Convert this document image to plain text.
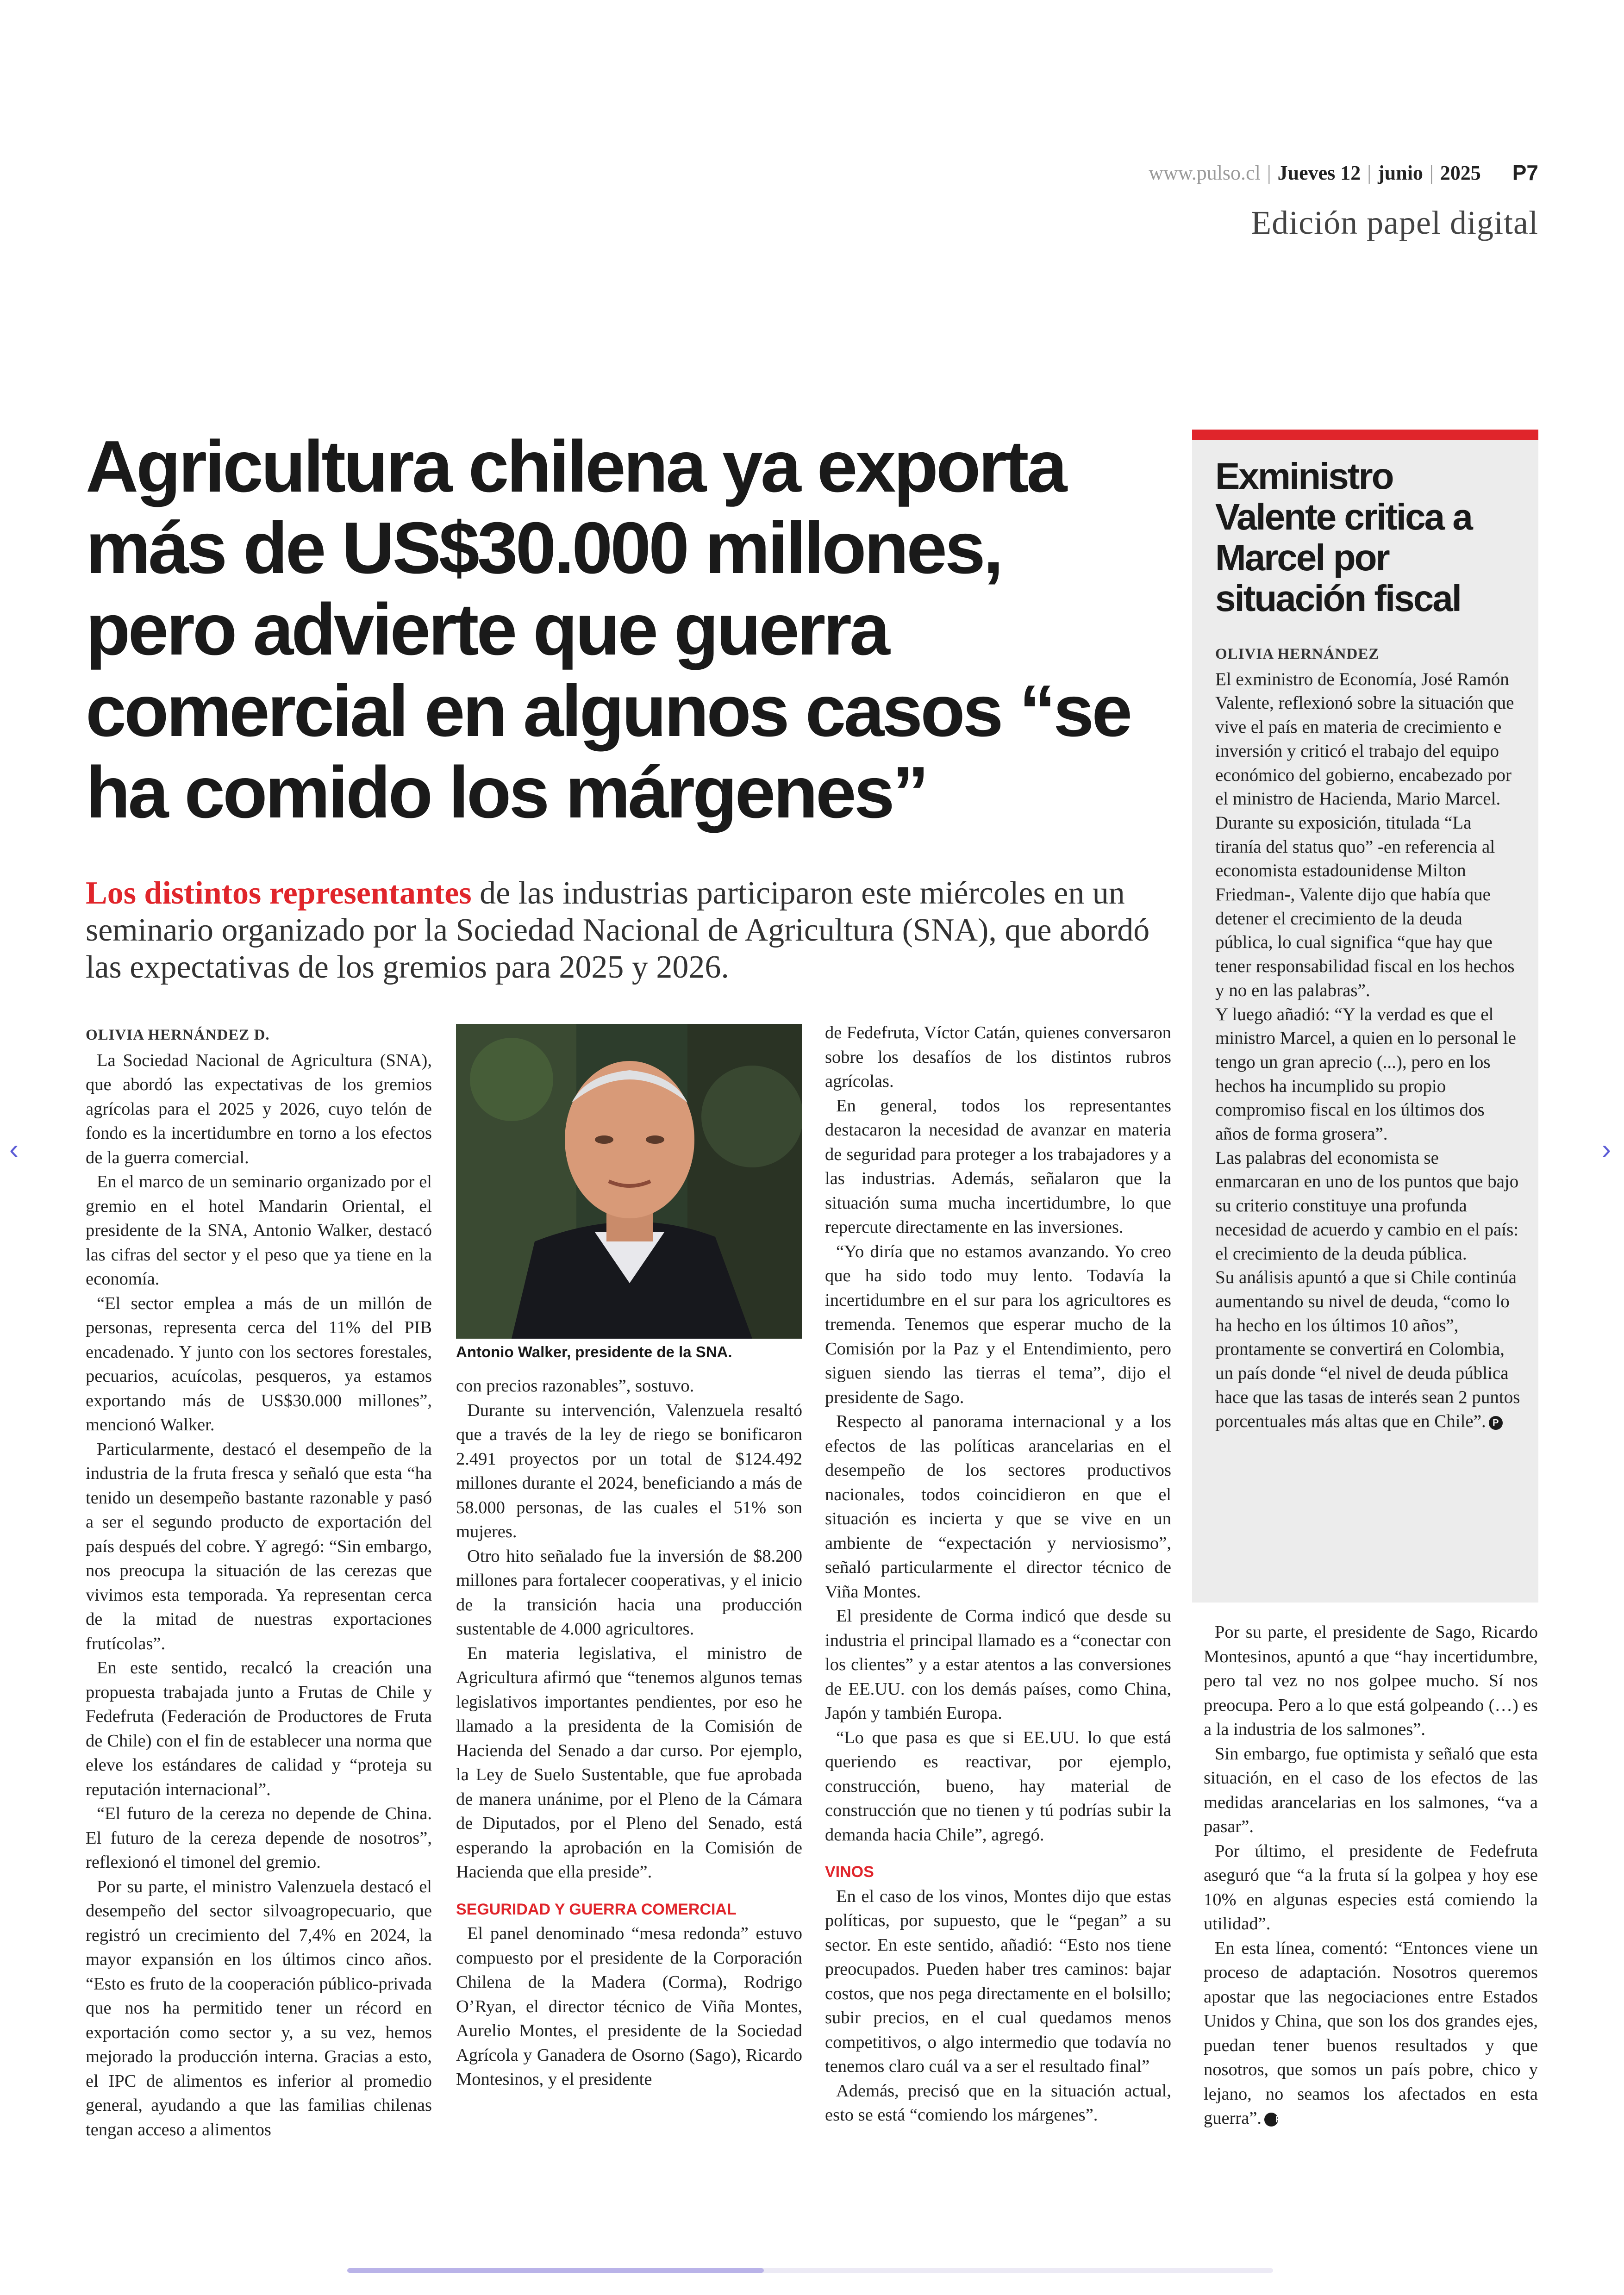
www.pulso.cl | Jueves 12 | junio | 2025 P7
Edición papel digital
Agricultura chilena ya exporta más de US$30.000 millones, pero advierte que guerra comercial en algunos casos “se ha comido los márgenes”
Los distintos representantes de las industrias participaron este miércoles en un seminario organizado por la Sociedad Nacional de Agricultura (SNA), que abordó las expectativas de los gremios para 2025 y 2026.

OLIVIA HERNÁNDEZ D.

La Sociedad Nacional de Agricultura (SNA), que abordó las expectativas de los gremios agrícolas para el 2025 y 2026, cuyo telón de fondo es la incertidumbre en torno a los efectos de la guerra comercial.

En el marco de un seminario organizado por el gremio en el hotel Mandarin Oriental, el presidente de la SNA, Antonio Walker, destacó las cifras del sector y el peso que ya tiene en la economía.

“El sector emplea a más de un millón de personas, representa cerca del 11% del PIB encadenado. Y junto con los sectores forestales, pecuarios, acuícolas, pesqueros, ya estamos exportando más de US$30.000 millones”, mencionó Walker.

Particularmente, destacó el desempeño de la industria de la fruta fresca y señaló que esta “ha tenido un desempeño bastante razonable y pasó a ser el segundo producto de exportación del país después del cobre. Y agregó: “Sin embargo, nos preocupa la situación de las cerezas que vivimos esta temporada. Ya representan cerca de la mitad de nuestras exportaciones frutícolas”.

En este sentido, recalcó la creación una propuesta trabajada junto a Frutas de Chile y Fedefruta (Federación de Productores de Fruta de Chile) con el fin de establecer una norma que eleve los estándares de calidad y “proteja su reputación internacional”.

“El futuro de la cereza no depende de China. El futuro de la cereza depende de nosotros”, reflexionó el timonel del gremio.

Por su parte, el ministro Valenzuela destacó el desempeño del sector silvoagropecuario, que registró un crecimiento del 7,4% en 2024, la mayor expansión en los últimos cinco años. “Esto es fruto de la cooperación público-privada que nos ha permitido tener un récord en exportación como sector y, a su vez, hemos mejorado la producción interna. Gracias a esto, el IPC de alimentos es inferior al promedio general, ayudando a que las familias chilenas tengan acceso a alimentos

Antonio Walker, presidente de la SNA.

con precios razonables”, sostuvo.

Durante su intervención, Valenzuela resaltó que a través de la ley de riego se bonificaron 2.491 proyectos por un total de $124.492 millones durante el 2024, beneficiando a más de 58.000 personas, de las cuales el 51% son mujeres.

Otro hito señalado fue la inversión de $8.200 millones para fortalecer cooperativas, y el inicio de la transición hacia una producción sustentable de 4.000 agricultores.

En materia legislativa, el ministro de Agricultura afirmó que “tenemos algunos temas legislativos importantes pendientes, por eso he llamado a la presidenta de la Comisión de Hacienda del Senado a dar curso. Por ejemplo, la Ley de Suelo Sustentable, que fue aprobada de manera unánime, por el Pleno de la Cámara de Diputados, por el Pleno del Senado, está esperando la aprobación en la Comisión de Hacienda que ella preside”.

SEGURIDAD Y GUERRA COMERCIAL

El panel denominado “mesa redonda” estuvo compuesto por el presidente de la Corporación Chilena de la Madera (Corma), Rodrigo O’Ryan, el director técnico de Viña Montes, Aurelio Montes, el presidente de la Sociedad Agrícola y Ganadera de Osorno (Sago), Ricardo Montesinos, y el presidente

de Fedefruta, Víctor Catán, quienes conversaron sobre los desafíos de los distintos rubros agrícolas.

En general, todos los representantes destacaron la necesidad de avanzar en materia de seguridad para proteger a los trabajadores y a las industrias. Además, señalaron que la situación suma mucha incertidumbre, lo que repercute directamente en las inversiones.

“Yo diría que no estamos avanzando. Yo creo que ha sido todo muy lento. Todavía la incertidumbre en el sur para los agricultores es tremenda. Tenemos que esperar mucho de la Comisión por la Paz y el Entendimiento, pero siguen siendo las tierras el tema”, dijo el presidente de Sago.

Respecto al panorama internacional y a los efectos de las políticas arancelarias en el desempeño de los sectores productivos nacionales, todos coincidieron en que el situación es incierta y que se vive en un ambiente de “expectación y nerviosismo”, señaló particularmente el director técnico de Viña Montes.

El presidente de Corma indicó que desde su industria el principal llamado es a “conectar con los clientes” y a estar atentos a las conversiones de EE.UU. con los demás países, como China, Japón y también Europa.

“Lo que pasa es que si EE.UU. lo que está queriendo es reactivar, por ejemplo, construcción, bueno, hay material de construcción que no tienen y tú podrías subir la demanda hacia Chile”, agregó.

VINOS

En el caso de los vinos, Montes dijo que estas políticas, por supuesto, que le “pegan” a su sector. En este sentido, añadió: “Esto nos tiene preocupados. Pueden haber tres caminos: bajar costos, que nos pega directamente en el bolsillo; subir precios, en el cual quedamos menos competitivos, o algo intermedio que todavía no tenemos claro cuál va a ser el resultado final”

Además, precisó que en la situación actual, esto se está “comiendo los márgenes”.

Exministro Valente critica a Marcel por situación fiscal

OLIVIA HERNÁNDEZ

El exministro de Economía, José Ramón Valente, reflexionó sobre la situación que vive el país en materia de crecimiento e inversión y criticó el trabajo del equipo económico del gobierno, encabezado por el ministro de Hacienda, Mario Marcel.

Durante su exposición, titulada “La tiranía del status quo” -en referencia al economista estadounidense Milton Friedman-, Valente dijo que había que detener el crecimiento de la deuda pública, lo cual significa “que hay que tener responsabilidad fiscal en los hechos y no en las palabras”.

Y luego añadió: “Y la verdad es que el ministro Marcel, a quien en lo personal le tengo un gran aprecio (...), pero en los hechos ha incumplido su propio compromiso fiscal en los últimos dos años de forma grosera”.

Las palabras del economista se enmarcaran en uno de los puntos que bajo su criterio constituye una profunda necesidad de acuerdo y cambio en el país: el crecimiento de la deuda pública.

Su análisis apuntó a que si Chile continúa aumentando su nivel de deuda, “como lo ha hecho en los últimos 10 años”, prontamente se convertirá en Colombia, un país donde “el nivel de deuda pública hace que las tasas de interés sean 2 puntos porcentuales más altas que en Chile”. P

Por su parte, el presidente de Sago, Ricardo Montesinos, apuntó a que “hay incertidumbre, pero tal vez no nos golpee mucho. Sí nos preocupa. Pero a lo que está golpeando (…) es a la industria de los salmones”.

Sin embargo, fue optimista y señaló que esta situación, en el caso de los efectos de las medidas arancelarias en los salmones, “va a pasar”.

Por último, el presidente de Fedefruta aseguró que “a la fruta sí la golpea y hoy ese 10% en algunas especies está comiendo la utilidad”.

En esta línea, comentó: “Entonces viene un proceso de adaptación. Nosotros queremos apostar que las negociaciones entre Estados Unidos y China, que son los dos grandes ejes, puedan tener buenos resultados y que nosotros, que somos un país pobre, chico y lejano, no seamos los afectados en esta guerra”. P

‹	›
